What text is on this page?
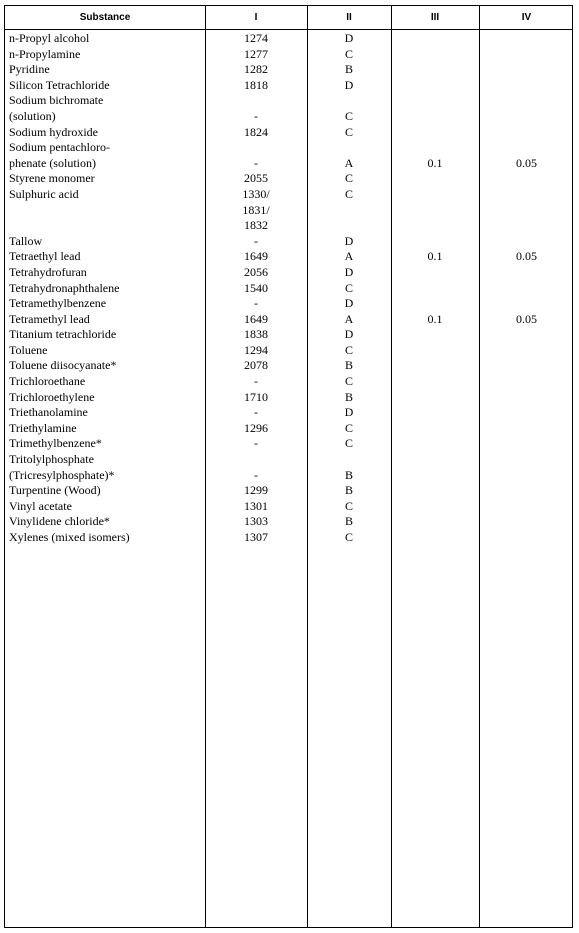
Substance	I	II	III	IV
n-Propyl alcohol	1274	D
n-Propylamine	1277	C
Pyridine	1282	B
Silicon Tetrachloride	1818	D
Sodium bichromate
(solution)	-	C
Sodium hydroxide	1824	C
Sodium pentachloro-
phenate (solution)	-	A	0.1	0.05
Styrene monomer	2055	C
Sulphuric acid	1330/	C
1831/
1832
Tallow	-	D
Tetraethyl lead	1649	A	0.1	0.05
Tetrahydrofuran	2056	D
Tetrahydronaphthalene	1540	C
Tetramethylbenzene	-	D
Tetramethyl lead	1649	A	0.1	0.05
Titanium tetrachloride	1838	D
Toluene	1294	C
Toluene diisocyanate*	2078	B
Trichloroethane	-	C
Trichloroethylene	1710	B
Triethanolamine	-	D
Triethylamine	1296	C
Trimethylbenzene*	-	C
Tritolylphosphate
(Tricresylphosphate)*	-	B
Turpentine (Wood)	1299	B
Vinyl acetate	1301	C
Vinylidene chloride*	1303	B
Xylenes (mixed isomers)	1307	C
